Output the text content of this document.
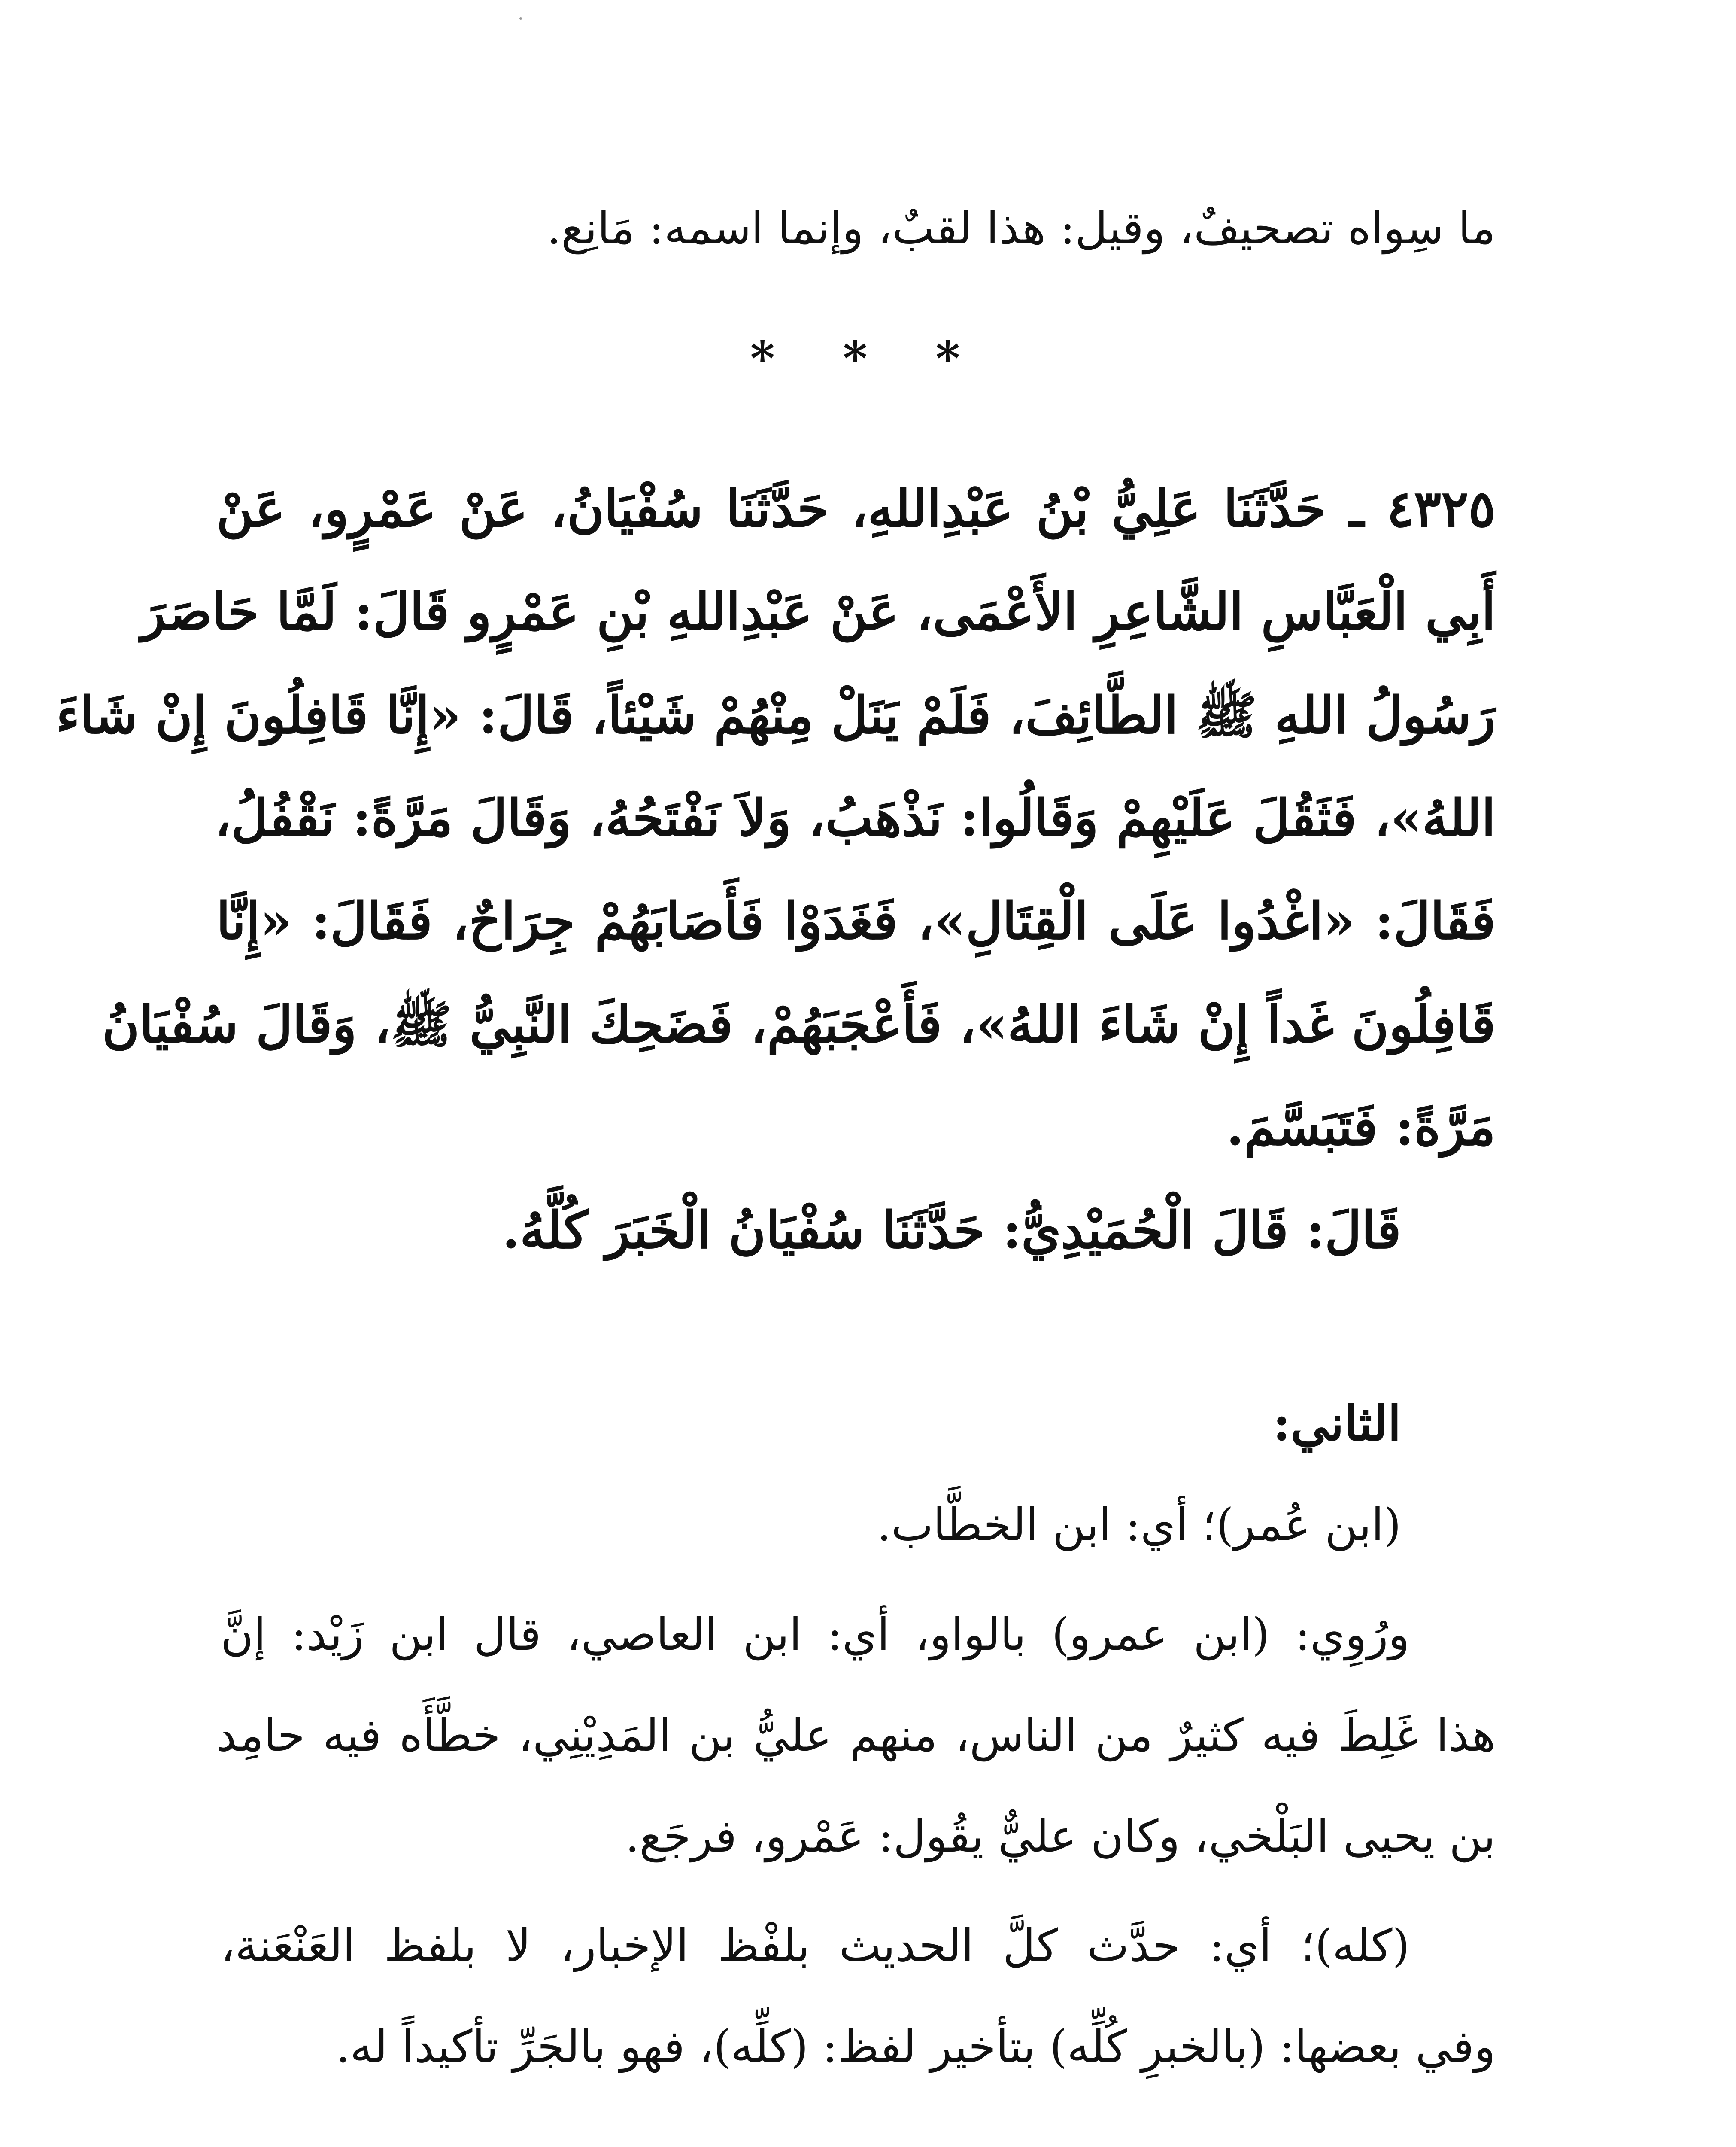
ما سِواه تصحيفٌ، وقيل: هذا لقبٌ، وإنما اسمه: مَانِع.
* * *
٤٣٢٥ ـ حَدَّثَنَا عَلِيُّ بْنُ عَبْدِاللهِ، حَدَّثَنَا سُفْيَانُ، عَنْ عَمْرٍو، عَنْ
أَبِي الْعَبَّاسِ الشَّاعِرِ الأَعْمَى، عَنْ عَبْدِاللهِ بْنِ عَمْرٍو قَالَ: لَمَّا حَاصَرَ
رَسُولُ اللهِ ﷺ الطَّائِفَ، فَلَمْ يَنَلْ مِنْهُمْ شَيْئاً، قَالَ: «إِنَّا قَافِلُونَ إِنْ شَاءَ
اللهُ»، فَثَقُلَ عَلَيْهِمْ وَقَالُوا: نَذْهَبُ، وَلاَ نَفْتَحُهُ، وَقَالَ مَرَّةً: نَقْفُلُ،
فَقَالَ: «اغْدُوا عَلَى الْقِتَالِ»، فَغَدَوْا فَأَصَابَهُمْ جِرَاحٌ، فَقَالَ: «إِنَّا
قَافِلُونَ غَداً إِنْ شَاءَ اللهُ»، فَأَعْجَبَهُمْ، فَضَحِكَ النَّبِيُّ ﷺ، وَقَالَ سُفْيَانُ
مَرَّةً: فَتَبَسَّمَ.
قَالَ: قَالَ الْحُمَيْدِيُّ: حَدَّثَنَا سُفْيَانُ الْخَبَرَ كُلَّهُ.
الثاني:
(ابن عُمر)؛ أي: ابن الخطَّاب.
ورُوِي: (ابن عمرو) بالواو، أي: ابن العاصي، قال ابن زَيْد: إنَّ
هذا غَلِطَ فيه كثيرٌ من الناس، منهم عليُّ بن المَدِيْنِي، خطَّأَه فيه حامِد
بن يحيى البَلْخي، وكان عليٌّ يقُول: عَمْرو، فرجَع.
(كله)؛ أي: حدَّث كلَّ الحديث بلفْظ الإخبار، لا بلفظ العَنْعَنة،
وفي بعضها: (بالخبرِ كُلِّه) بتأخير لفظ: (كلِّه)، فهو بالجَرِّ تأكيداً له.
